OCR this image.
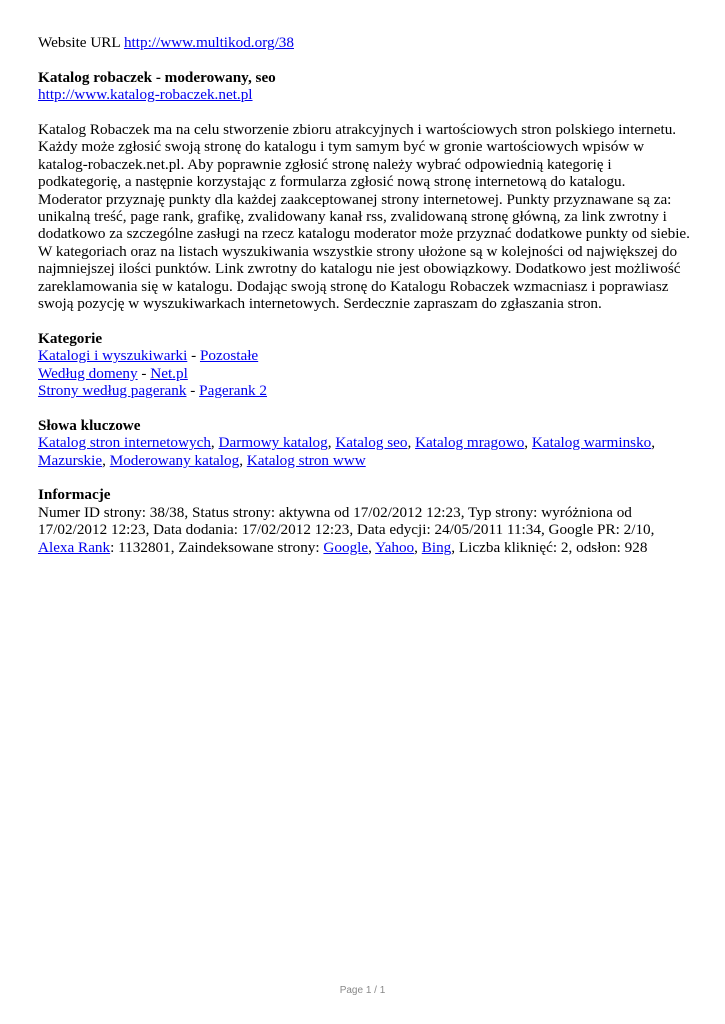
Website URL http://www.multikod.org/38
Katalog robaczek - moderowany, seo
http://www.katalog-robaczek.net.pl
Katalog Robaczek ma na celu stworzenie zbioru atrakcyjnych i wartościowych stron polskiego internetu. Każdy może zgłosić swoją stronę do katalogu i tym samym być w gronie wartościowych wpisów w katalog-robaczek.net.pl. Aby poprawnie zgłosić stronę należy wybrać odpowiednią kategorię i podkategorię, a następnie korzystając z formularza zgłosić nową stronę internetową do katalogu. Moderator przyznaję punkty dla każdej zaakceptowanej strony internetowej. Punkty przyznawane są za: unikalną treść, page rank, grafikę, zvalidowany kanał rss, zvalidowaną stronę główną, za link zwrotny i dodatkowo za szczególne zasługi na rzecz katalogu moderator może przyznać dodatkowe punkty od siebie. W kategoriach oraz na listach wyszukiwania wszystkie strony ułożone są w kolejności od największej do najmniejszej ilości punktów. Link zwrotny do katalogu nie jest obowiązkowy. Dodatkowo jest możliwość zareklamowania się w katalogu. Dodając swoją stronę do Katalogu Robaczek wzmacniasz i poprawiasz swoją pozycję w wyszukiwarkach internetowych. Serdecznie zapraszam do zgłaszania stron.
Kategorie
Katalogi i wyszukiwarki - Pozostałe
Według domeny - Net.pl
Strony według pagerank - Pagerank 2
Słowa kluczowe
Katalog stron internetowych, Darmowy katalog, Katalog seo, Katalog mragowo, Katalog warminsko, Mazurskie, Moderowany katalog, Katalog stron www
Informacje
Numer ID strony: 38/38, Status strony: aktywna od 17/02/2012 12:23, Typ strony: wyróżniona od 17/02/2012 12:23, Data dodania: 17/02/2012 12:23, Data edycji: 24/05/2011 11:34, Google PR: 2/10, Alexa Rank: 1132801, Zaindeksowane strony: Google, Yahoo, Bing, Liczba kliknięć: 2, odsłon: 928
Page 1 / 1
